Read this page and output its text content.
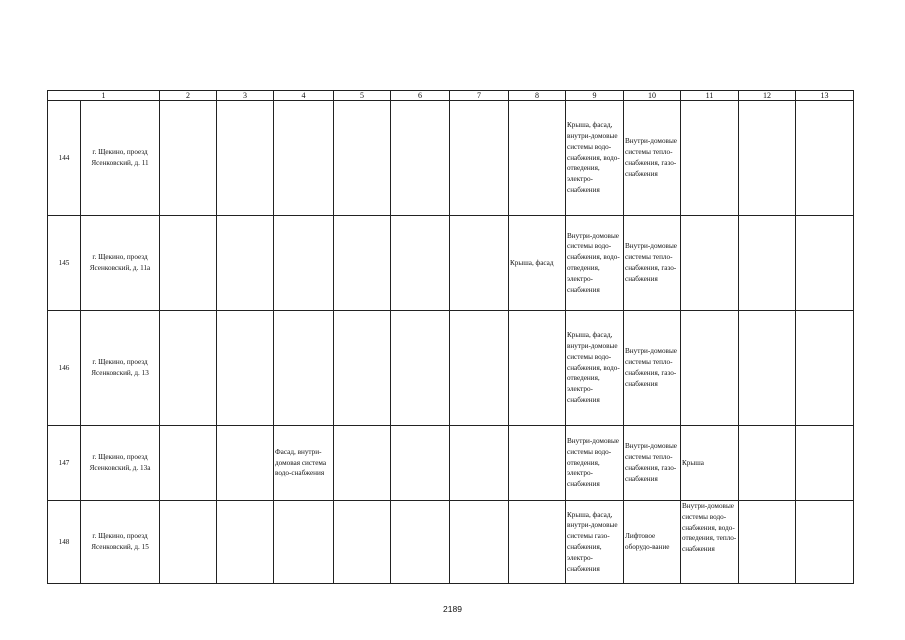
1		2	3	4	5	6	7	8	9	10	11	12	13
144	г. Щекино, проезд Ясенковский, д. 11								Крыша, фасад, внутри-домовые системы водо-снабжения, водо-отведения, электро-снабжения	Внутри-домовые системы тепло-снабжения, газо-снабжения			
145	г. Щекино, проезд Ясенковский, д. 11а							Крыша, фасад	Внутри-домовые системы водо-снабжения, водо-отведения, электро-снабжения	Внутри-домовые системы тепло-снабжения, газо-снабжения			
146	г. Щекино, проезд Ясенковский, д. 13								Крыша, фасад, внутри-домовые системы водо-снабжения, водо-отведения, электро-снабжения	Внутри-домовые системы тепло-снабжения, газо-снабжения			
147	г. Щекино, проезд Ясенковский, д. 13а			Фасад, внутри-домовая система водо-снабжения					Внутри-домовые системы водо-отведения, электро-снабжения	Внутри-домовые системы тепло-снабжения, газо-снабжения	Крыша		
148	г. Щекино, проезд Ясенковский, д. 15								Крыша, фасад, внутри-домовые системы газо-снабжения, электро-снабжения	Лифтовое оборудо-вание	Внутри-домовые системы водо-снабжения, водо-отведения, тепло-снабжения		
2189
